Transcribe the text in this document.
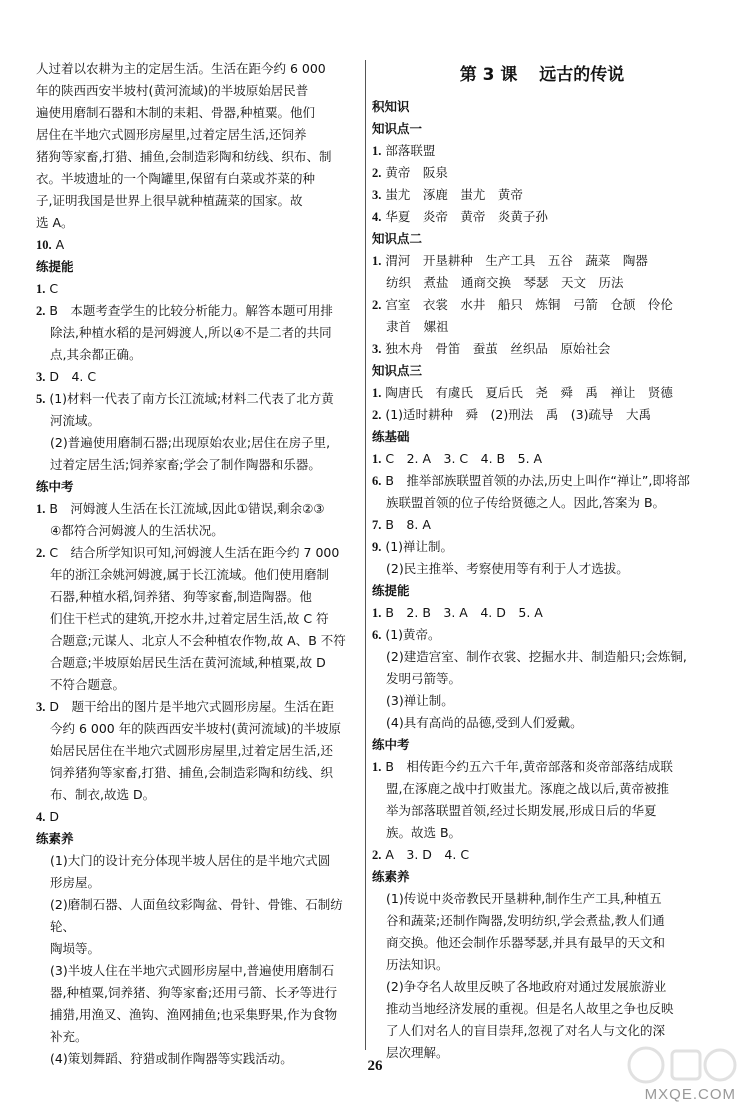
人过着以农耕为主的定居生活。生活在距今约 6 000
年的陕西西安半坡村(黄河流域)的半坡原始居民普
遍使用磨制石器和木制的耒耜、骨器,种植粟。他们
居住在半地穴式圆形房屋里,过着定居生活,还饲养
猪狗等家畜,打猎、捕鱼,会制造彩陶和纺线、织布、制
衣。半坡遗址的一个陶罐里,保留有白菜或芥菜的种
子,证明我国是世界上很早就种植蔬菜的国家。故
选 A。
10. A
练提能
1. C
2. B　本题考查学生的比较分析能力。解答本题可用排
除法,种植水稻的是河姆渡人,所以④不是二者的共同
点,其余都正确。
3. D　4. C
5. (1)材料一代表了南方长江流域;材料二代表了北方黄
河流域。
(2)普遍使用磨制石器;出现原始农业;居住在房子里,
过着定居生活;饲养家畜;学会了制作陶器和乐器。
练中考
1. B　河姆渡人生活在长江流域,因此①错误,剩余②③
④都符合河姆渡人的生活状况。
2. C　结合所学知识可知,河姆渡人生活在距今约 7 000
年的浙江余姚河姆渡,属于长江流域。他们使用磨制
石器,种植水稻,饲养猪、狗等家畜,制造陶器。他
们住干栏式的建筑,开挖水井,过着定居生活,故 C 符
合题意;元谋人、北京人不会种植农作物,故 A、B 不符
合题意;半坡原始居民生活在黄河流域,种植粟,故 D
不符合题意。
3. D　题干给出的图片是半地穴式圆形房屋。生活在距
今约 6 000 年的陕西西安半坡村(黄河流域)的半坡原
始居民居住在半地穴式圆形房屋里,过着定居生活,还
饲养猪狗等家畜,打猎、捕鱼,会制造彩陶和纺线、织
布、制衣,故选 D。
4. D
练素养
(1)大门的设计充分体现半坡人居住的是半地穴式圆
形房屋。
(2)磨制石器、人面鱼纹彩陶盆、骨针、骨锥、石制纺轮、
陶埙等。
(3)半坡人住在半地穴式圆形房屋中,普遍使用磨制石
器,种植粟,饲养猪、狗等家畜;还用弓箭、长矛等进行
捕猎,用渔叉、渔钩、渔网捕鱼;也采集野果,作为食物
补充。
(4)策划舞蹈、狩猎或制作陶器等实践活动。
第 3 课 远古的传说
积知识
知识点一
1. 部落联盟
2. 黄帝　阪泉
3. 蚩尤　涿鹿　蚩尤　黄帝
4. 华夏　炎帝　黄帝　炎黄子孙
知识点二
1. 渭河　开垦耕种　生产工具　五谷　蔬菜　陶器
纺织　煮盐　通商交换　琴瑟　天文　历法
2. 宫室　衣裳　水井　船只　炼铜　弓箭　仓颉　伶伦
隶首　嫘祖
3. 独木舟　骨笛　蚕茧　丝织品　原始社会
知识点三
1. 陶唐氏　有虞氏　夏后氏　尧　舜　禹　禅让　贤德
2. (1)适时耕种　舜　(2)刑法　禹　(3)疏导　大禹
练基础
1. C　2. A　3. C　4. B　5. A
6. B　推举部族联盟首领的办法,历史上叫作“禅让”,即将部
族联盟首领的位子传给贤德之人。因此,答案为 B。
7. B　8. A
9. (1)禅让制。
(2)民主推举、考察使用等有利于人才选拔。
练提能
1. B　2. B　3. A　4. D　5. A
6. (1)黄帝。
(2)建造宫室、制作衣裳、挖掘水井、制造船只;会炼铜,
发明弓箭等。
(3)禅让制。
(4)具有高尚的品德,受到人们爱戴。
练中考
1. B　相传距今约五六千年,黄帝部落和炎帝部落结成联
盟,在涿鹿之战中打败蚩尤。涿鹿之战以后,黄帝被推
举为部落联盟首领,经过长期发展,形成日后的华夏
族。故选 B。
2. A　3. D　4. C
练素养
(1)传说中炎帝教民开垦耕种,制作生产工具,种植五
谷和蔬菜;还制作陶器,发明纺织,学会煮盐,教人们通
商交换。他还会制作乐器琴瑟,并具有最早的天文和
历法知识。
(2)争夺名人故里反映了各地政府对通过发展旅游业
推动当地经济发展的重视。但是名人故里之争也反映
了人们对名人的盲目崇拜,忽视了对名人与文化的深
层次理解。
26
MXQE.COM
